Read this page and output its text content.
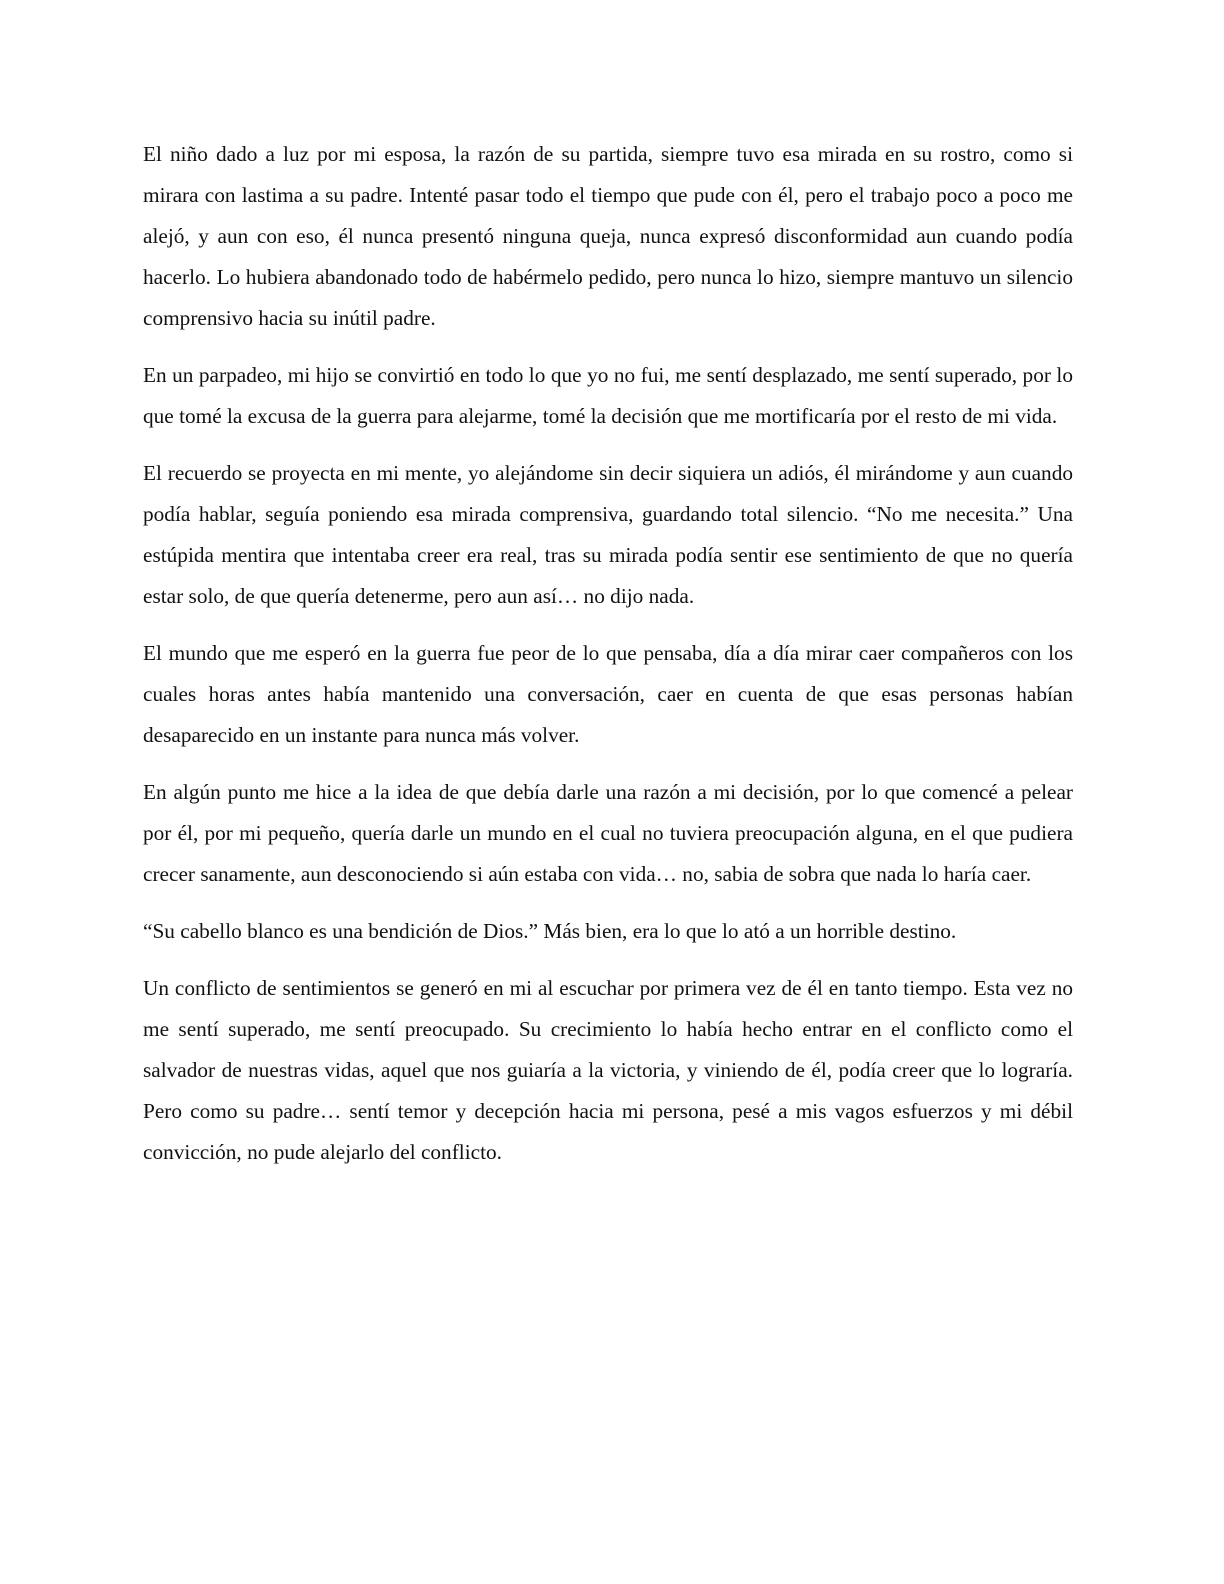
El niño dado a luz por mi esposa, la razón de su partida, siempre tuvo esa mirada en su rostro, como si mirara con lastima a su padre. Intenté pasar todo el tiempo que pude con él, pero el trabajo poco a poco me alejó, y aun con eso, él nunca presentó ninguna queja, nunca expresó disconformidad aun cuando podía hacerlo. Lo hubiera abandonado todo de habérmelo pedido, pero nunca lo hizo, siempre mantuvo un silencio comprensivo hacia su inútil padre.

En un parpadeo, mi hijo se convirtió en todo lo que yo no fui, me sentí desplazado, me sentí superado, por lo que tomé la excusa de la guerra para alejarme, tomé la decisión que me mortificaría por el resto de mi vida.

El recuerdo se proyecta en mi mente, yo alejándome sin decir siquiera un adiós, él mirándome y aun cuando podía hablar, seguía poniendo esa mirada comprensiva, guardando total silencio. “No me necesita.” Una estúpida mentira que intentaba creer era real, tras su mirada podía sentir ese sentimiento de que no quería estar solo, de que quería detenerme, pero aun así… no dijo nada.

El mundo que me esperó en la guerra fue peor de lo que pensaba, día a día mirar caer compañeros con los cuales horas antes había mantenido una conversación, caer en cuenta de que esas personas habían desaparecido en un instante para nunca más volver.

En algún punto me hice a la idea de que debía darle una razón a mi decisión, por lo que comencé a pelear por él, por mi pequeño, quería darle un mundo en el cual no tuviera preocupación alguna, en el que pudiera crecer sanamente, aun desconociendo si aún estaba con vida… no, sabia de sobra que nada lo haría caer.

“Su cabello blanco es una bendición de Dios.” Más bien, era lo que lo ató a un horrible destino.

Un conflicto de sentimientos se generó en mi al escuchar por primera vez de él en tanto tiempo. Esta vez no me sentí superado, me sentí preocupado. Su crecimiento lo había hecho entrar en el conflicto como el salvador de nuestras vidas, aquel que nos guiaría a la victoria, y viniendo de él, podía creer que lo lograría. Pero como su padre… sentí temor y decepción hacia mi persona, pesé a mis vagos esfuerzos y mi débil convicción, no pude alejarlo del conflicto.
